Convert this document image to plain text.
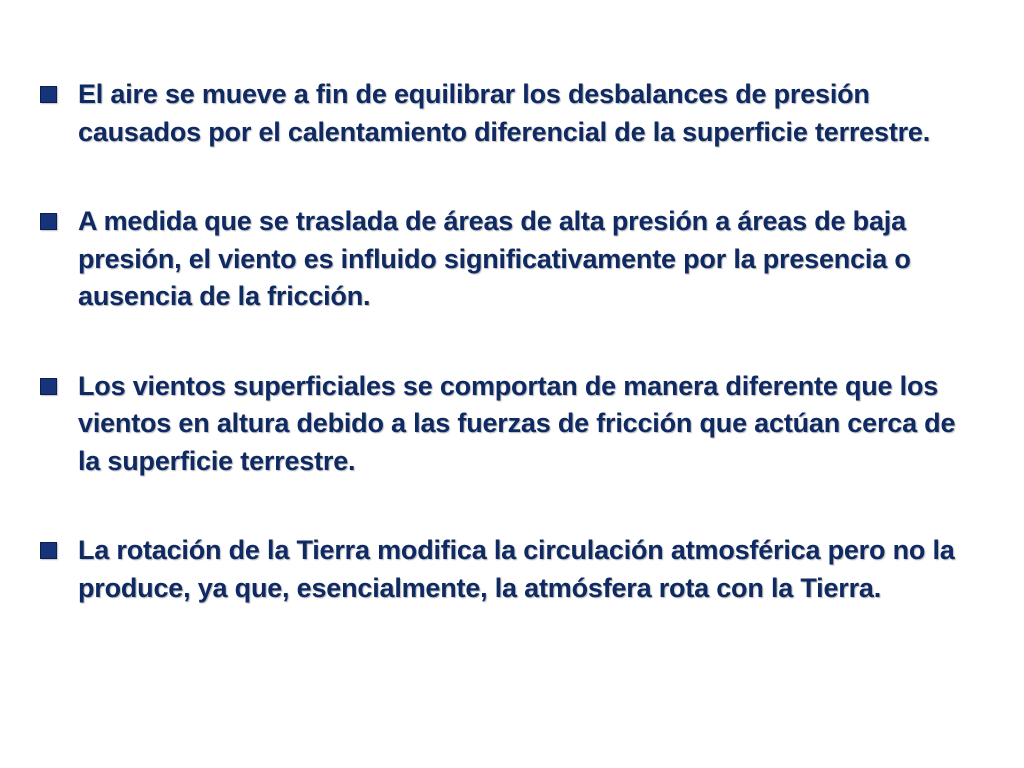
El aire se mueve a fin de equilibrar los desbalances de presión causados por el calentamiento diferencial de la superficie terrestre.
A medida que se traslada de áreas de alta presión a áreas de baja presión, el viento es influido significativamente por la presencia o ausencia de la fricción.
Los vientos superficiales se comportan de manera diferente que los vientos en altura debido a las fuerzas de fricción que actúan cerca de la superficie terrestre.
La rotación de la Tierra modifica la circulación atmosférica pero no la produce, ya que, esencialmente, la atmósfera rota con la Tierra.
